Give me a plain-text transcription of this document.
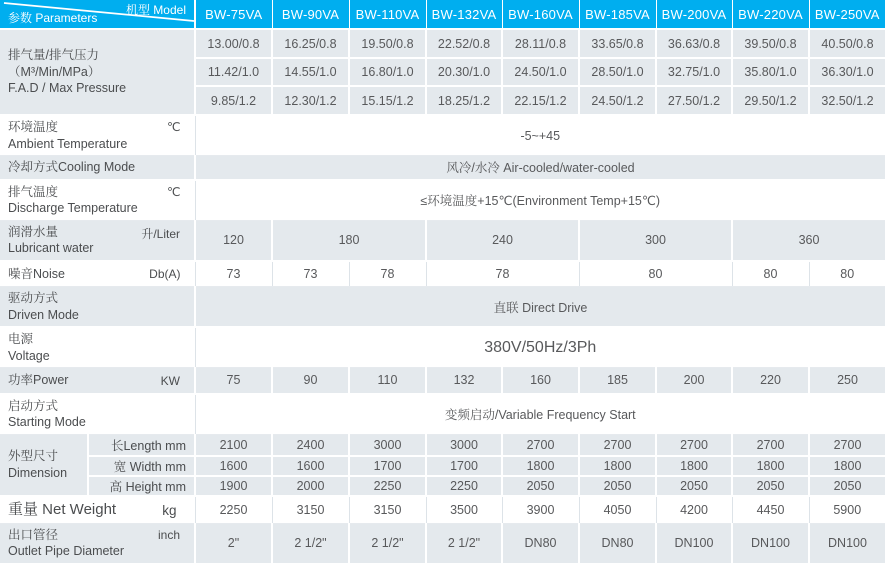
机型 Model
参数 Parameters		BW-75VA	BW-90VA	BW-110VA	BW-132VA	BW-160VA	BW-185VA	BW-200VA	BW-220VA	BW-250VA

排气量/排气压力（M³/Min/MPa）
F.A.D / Max Pressure		13.00/0.8	16.25/0.8	19.50/0.8	22.52/0.8	28.11/0.8	33.65/0.8	36.63/0.8	39.50/0.8	40.50/0.8
		11.42/1.0	14.55/1.0	16.80/1.0	20.30/1.0	24.50/1.0	28.50/1.0	32.75/1.0	35.80/1.0	36.30/1.0
		9.85/1.2	12.30/1.2	15.15/1.2	18.25/1.2	22.15/1.2	24.50/1.2	27.50/1.2	29.50/1.2	32.50/1.2

环境温度
Ambient Temperature
℃		-5~+45								

冷却方式Cooling Mode		风冷/水冷 Air-cooled/water-cooled								

排气温度
Discharge Temperature
℃		≤环境温度+15℃(Environment Temp+15℃)								

润滑水量
Lubricant water
升/Liter		120	180		240		300		360	

噪音Noise Db(A)		73	73	78	78		80		80	80

驱动方式
Driven Mode		直联 Direct Drive								

电源
Voltage		380V/50Hz/3Ph								

功率Power KW		75	90	110	132	160	185	200	220	250

启动方式
Starting Mode		变频启动/Variable Frequency Start								

外型尺寸
Dimension	长Length mm	2100	2400	3000	3000	2700	2700	2700	2700	2700
	宽 Width mm	1600	1600	1700	1700	1800	1800	1800	1800	1800
	高 Height mm	1900	2000	2250	2250	2050	2050	2050	2050	2050

重量 Net Weight kg		2250	3150	3150	3500	3900	4050	4200	4450	5900

出口管径
Outlet Pipe Diameter
inch		2"	2 1/2"	2 1/2"	2 1/2"	DN80	DN80	DN100	DN100	DN100
